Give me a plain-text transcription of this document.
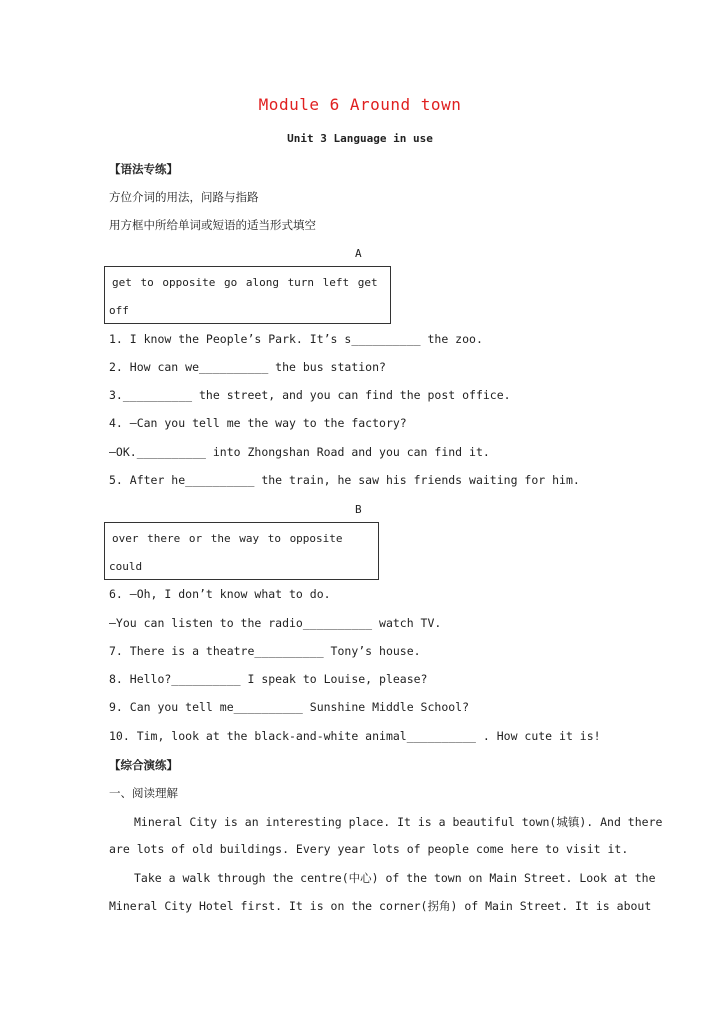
Module 6 Around town
Unit 3 Language in use
【语法专练】
方位介词的用法，问路与指路
用方框中所给单词或短语的适当形式填空
A
get to opposite go along turn left get
off
1. I know the People’s Park. It’s s__________ the zoo.
2. How can we__________ the bus station?
3.__________ the street, and you can find the post office.
4. —Can you tell me the way to the factory?
—OK.__________ into Zhongshan Road and you can find it.
5. After he__________ the train, he saw his friends waiting for him.
B
over there or the way to opposite
could
6. —Oh, I don’t know what to do.
—You can listen to the radio__________ watch TV.
7. There is a theatre__________ Tony’s house.
8. Hello?__________ I speak to Louise, please?
9. Can you tell me__________ Sunshine Middle School?
10. Tim, look at the black-and-white animal__________ . How cute it is!
【综合演练】
一、阅读理解
Mineral City is an interesting place. It is a beautiful town(城镇). And there
are lots of old buildings. Every year lots of people come here to visit it.
Take a walk through the centre(中心) of the town on Main Street. Look at the
Mineral City Hotel first. It is on the corner(拐角) of Main Street. It is about
